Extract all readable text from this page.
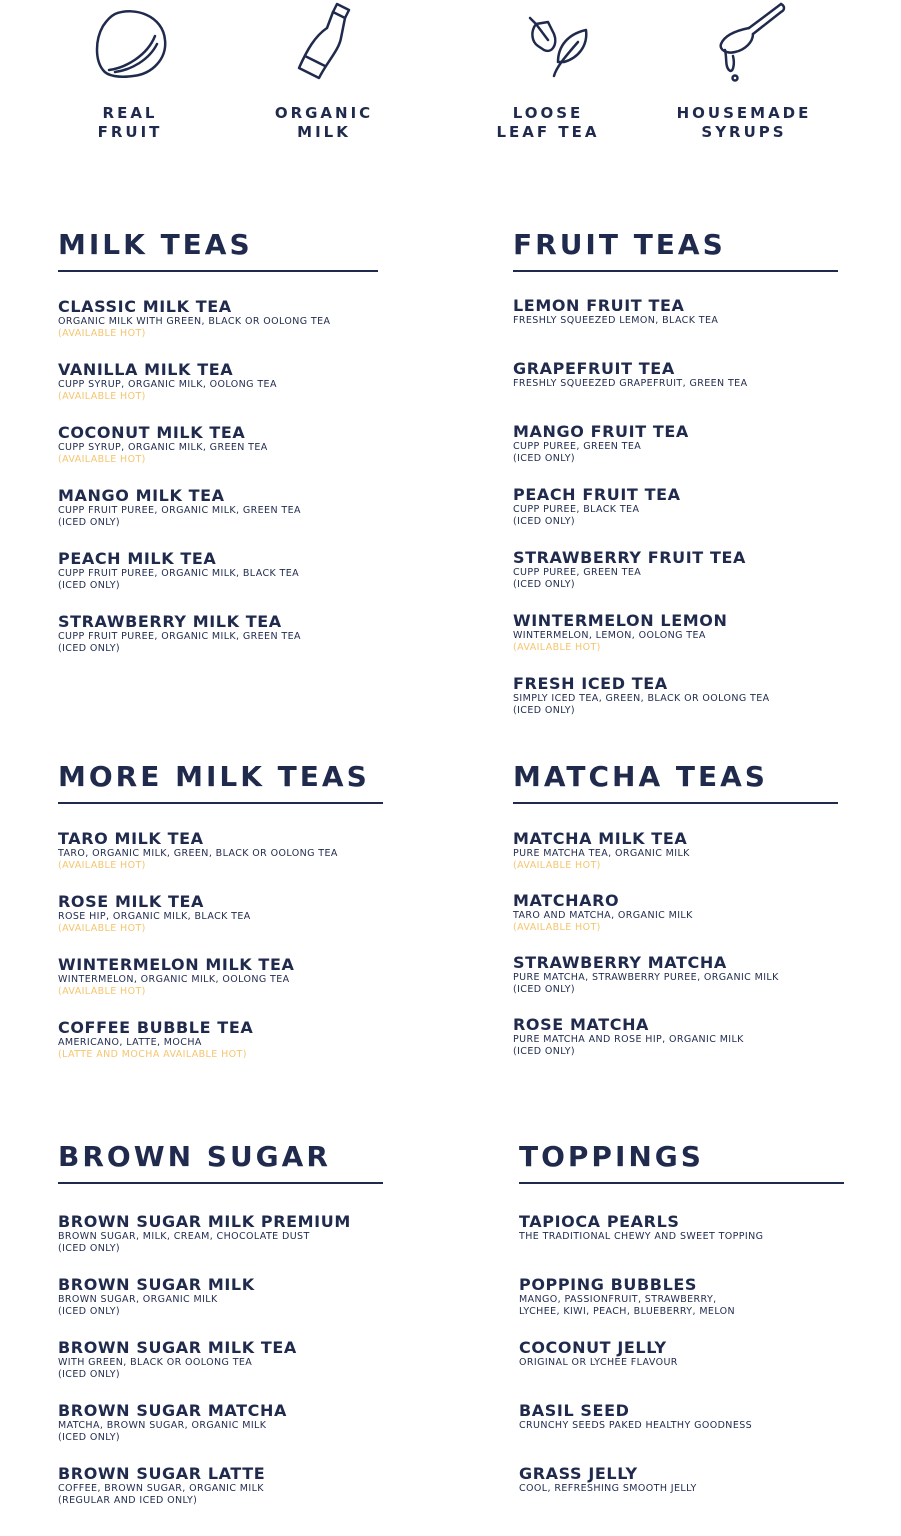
REAL
FRUIT
ORGANIC
MILK
LOOSE
LEAF TEA
HOUSEMADE
SYRUPS
MILK TEAS
CLASSIC MILK TEA
ORGANIC MILK WITH GREEN, BLACK OR OOLONG TEA
(AVAILABLE HOT)
VANILLA MILK TEA
CUPP SYRUP, ORGANIC MILK, OOLONG TEA
(AVAILABLE HOT)
COCONUT MILK TEA
CUPP SYRUP, ORGANIC MILK, GREEN TEA
(AVAILABLE HOT)
MANGO MILK TEA
CUPP FRUIT PUREE, ORGANIC MILK, GREEN TEA
(ICED ONLY)
PEACH MILK TEA
CUPP FRUIT PUREE, ORGANIC MILK, BLACK TEA
(ICED ONLY)
STRAWBERRY MILK TEA
CUPP FRUIT PUREE, ORGANIC MILK, GREEN TEA
(ICED ONLY)
FRUIT TEAS
LEMON FRUIT TEA
FRESHLY SQUEEZED LEMON, BLACK TEA
GRAPEFRUIT TEA
FRESHLY SQUEEZED GRAPEFRUIT, GREEN TEA
MANGO FRUIT TEA
CUPP PUREE, GREEN TEA
(ICED ONLY)
PEACH FRUIT TEA
CUPP PUREE, BLACK TEA
(ICED ONLY)
STRAWBERRY FRUIT TEA
CUPP PUREE, GREEN TEA
(ICED ONLY)
WINTERMELON LEMON
WINTERMELON, LEMON, OOLONG TEA
(AVAILABLE HOT)
FRESH ICED TEA
SIMPLY ICED TEA, GREEN, BLACK OR OOLONG TEA
(ICED ONLY)
MORE MILK TEAS
TARO MILK TEA
TARO, ORGANIC MILK, GREEN, BLACK OR OOLONG TEA
(AVAILABLE HOT)
ROSE MILK TEA
ROSE HIP, ORGANIC MILK, BLACK TEA
(AVAILABLE HOT)
WINTERMELON MILK TEA
WINTERMELON, ORGANIC MILK, OOLONG TEA
(AVAILABLE HOT)
COFFEE BUBBLE TEA
AMERICANO, LATTE, MOCHA
(LATTE AND MOCHA AVAILABLE HOT)
MATCHA TEAS
MATCHA MILK TEA
PURE MATCHA TEA, ORGANIC MILK
(AVAILABLE HOT)
MATCHARO
TARO AND MATCHA, ORGANIC MILK
(AVAILABLE HOT)
STRAWBERRY MATCHA
PURE MATCHA, STRAWBERRY PUREE, ORGANIC MILK
(ICED ONLY)
ROSE MATCHA
PURE MATCHA AND ROSE HIP, ORGANIC MILK
(ICED ONLY)
BROWN SUGAR
BROWN SUGAR MILK PREMIUM
BROWN SUGAR, MILK, CREAM, CHOCOLATE DUST
(ICED ONLY)
BROWN SUGAR MILK
BROWN SUGAR, ORGANIC MILK
(ICED ONLY)
BROWN SUGAR MILK TEA
WITH GREEN, BLACK OR OOLONG TEA
(ICED ONLY)
BROWN SUGAR MATCHA
MATCHA, BROWN SUGAR, ORGANIC MILK
(ICED ONLY)
BROWN SUGAR LATTE
COFFEE, BROWN SUGAR, ORGANIC MILK
(REGULAR AND ICED ONLY)
TOPPINGS
TAPIOCA PEARLS
THE TRADITIONAL CHEWY AND SWEET TOPPING
POPPING BUBBLES
MANGO, PASSIONFRUIT, STRAWBERRY,
LYCHEE, KIWI, PEACH, BLUEBERRY, MELON
COCONUT JELLY
ORIGINAL OR LYCHEE FLAVOUR
BASIL SEED
CRUNCHY SEEDS PAKED HEALTHY GOODNESS
GRASS JELLY
COOL, REFRESHING SMOOTH JELLY
